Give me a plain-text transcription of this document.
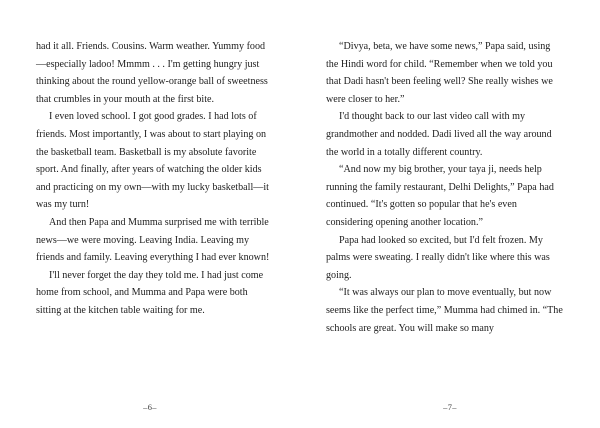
had it all. Friends. Cousins. Warm weather. Yummy food—especially ladoo! Mmmm . . . I'm getting hungry just thinking about the round yellow-orange ball of sweetness that crumbles in your mouth at the first bite.

I even loved school. I got good grades. I had lots of friends. Most importantly, I was about to start playing on the basketball team. Basketball is my absolute favorite sport. And finally, after years of watching the older kids and practicing on my own—with my lucky basketball—it was my turn!

And then Papa and Mumma surprised me with terrible news—we were moving. Leaving India. Leaving my friends and family. Leaving everything I had ever known!

I'll never forget the day they told me. I had just come home from school, and Mumma and Papa were both sitting at the kitchen table waiting for me.

–6–

“Divya, beta, we have some news,” Papa said, using the Hindi word for child. “Remember when we told you that Dadi hasn't been feeling well? She really wishes we were closer to her.”

I'd thought back to our last video call with my grandmother and nodded. Dadi lived all the way around the world in a totally different country.

“And now my big brother, your taya ji, needs help running the family restaurant, Delhi Delights,” Papa had continued. “It's gotten so popular that he's even considering opening another location.”

Papa had looked so excited, but I'd felt frozen. My palms were sweating. I really didn't like where this was going.

“It was always our plan to move eventually, but now seems like the perfect time,” Mumma had chimed in. “The schools are great. You will make so many

–7–
